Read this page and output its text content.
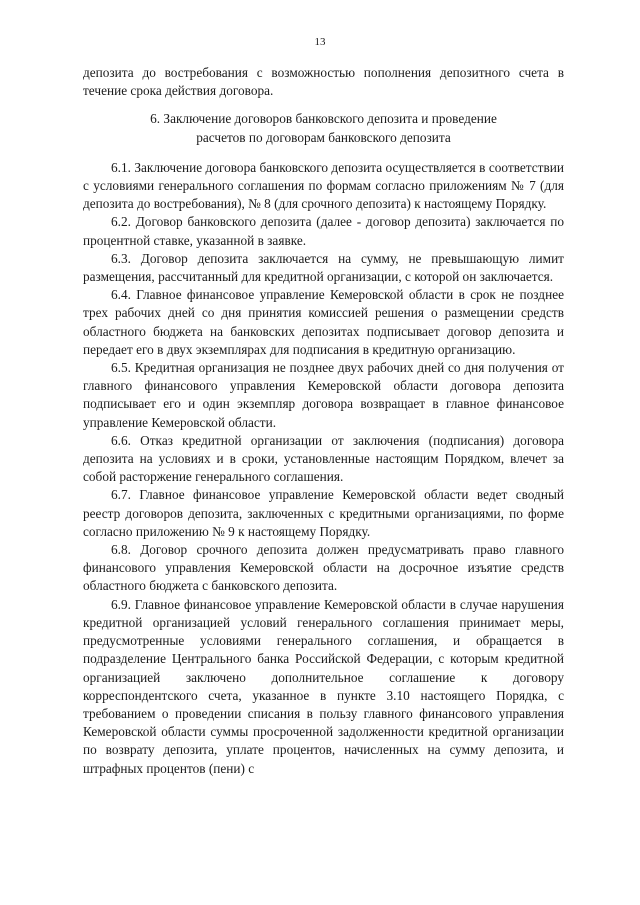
13

депозита до востребования с возможностью пополнения депозитного счета в течение срока действия договора.

6. Заключение договоров банковского депозита и проведение
расчетов по договорам банковского депозита

6.1. Заключение договора банковского депозита осуществляется в соответствии с условиями генерального соглашения по формам согласно приложениям № 7 (для депозита до востребования), № 8 (для срочного депозита) к настоящему Порядку.

6.2. Договор банковского депозита (далее - договор депозита) заключается по процентной ставке, указанной в заявке.

6.3. Договор депозита заключается на сумму, не превышающую лимит размещения, рассчитанный для кредитной организации, с которой он заключается.

6.4. Главное финансовое управление Кемеровской области в срок не позднее трех рабочих дней со дня принятия комиссией решения о размещении средств областного бюджета на банковских депозитах подписывает договор депозита и передает его в двух экземплярах для подписания в кредитную организацию.

6.5. Кредитная организация не позднее двух рабочих дней со дня получения от главного финансового управления Кемеровской области договора депозита подписывает его и один экземпляр договора возвращает в главное финансовое управление Кемеровской области.

6.6. Отказ кредитной организации от заключения (подписания) договора депозита на условиях и в сроки, установленные настоящим Порядком, влечет за собой расторжение генерального соглашения.

6.7. Главное финансовое управление Кемеровской области ведет сводный реестр договоров депозита, заключенных с кредитными организациями, по форме согласно приложению № 9 к настоящему Порядку.

6.8. Договор срочного депозита должен предусматривать право главного финансового управления Кемеровской области на досрочное изъятие средств областного бюджета с банковского депозита.

6.9. Главное финансовое управление Кемеровской области в случае нарушения кредитной организацией условий генерального соглашения принимает меры, предусмотренные условиями генерального соглашения, и обращается в подразделение Центрального банка Российской Федерации, с которым кредитной организацией заключено дополнительное соглашение к договору корреспондентского счета, указанное в пункте 3.10 настоящего Порядка, с требованием о проведении списания в пользу главного финансового управления Кемеровской области суммы просроченной задолженности кредитной организации по возврату депозита, уплате процентов, начисленных на сумму депозита, и штрафных процентов (пени) с
